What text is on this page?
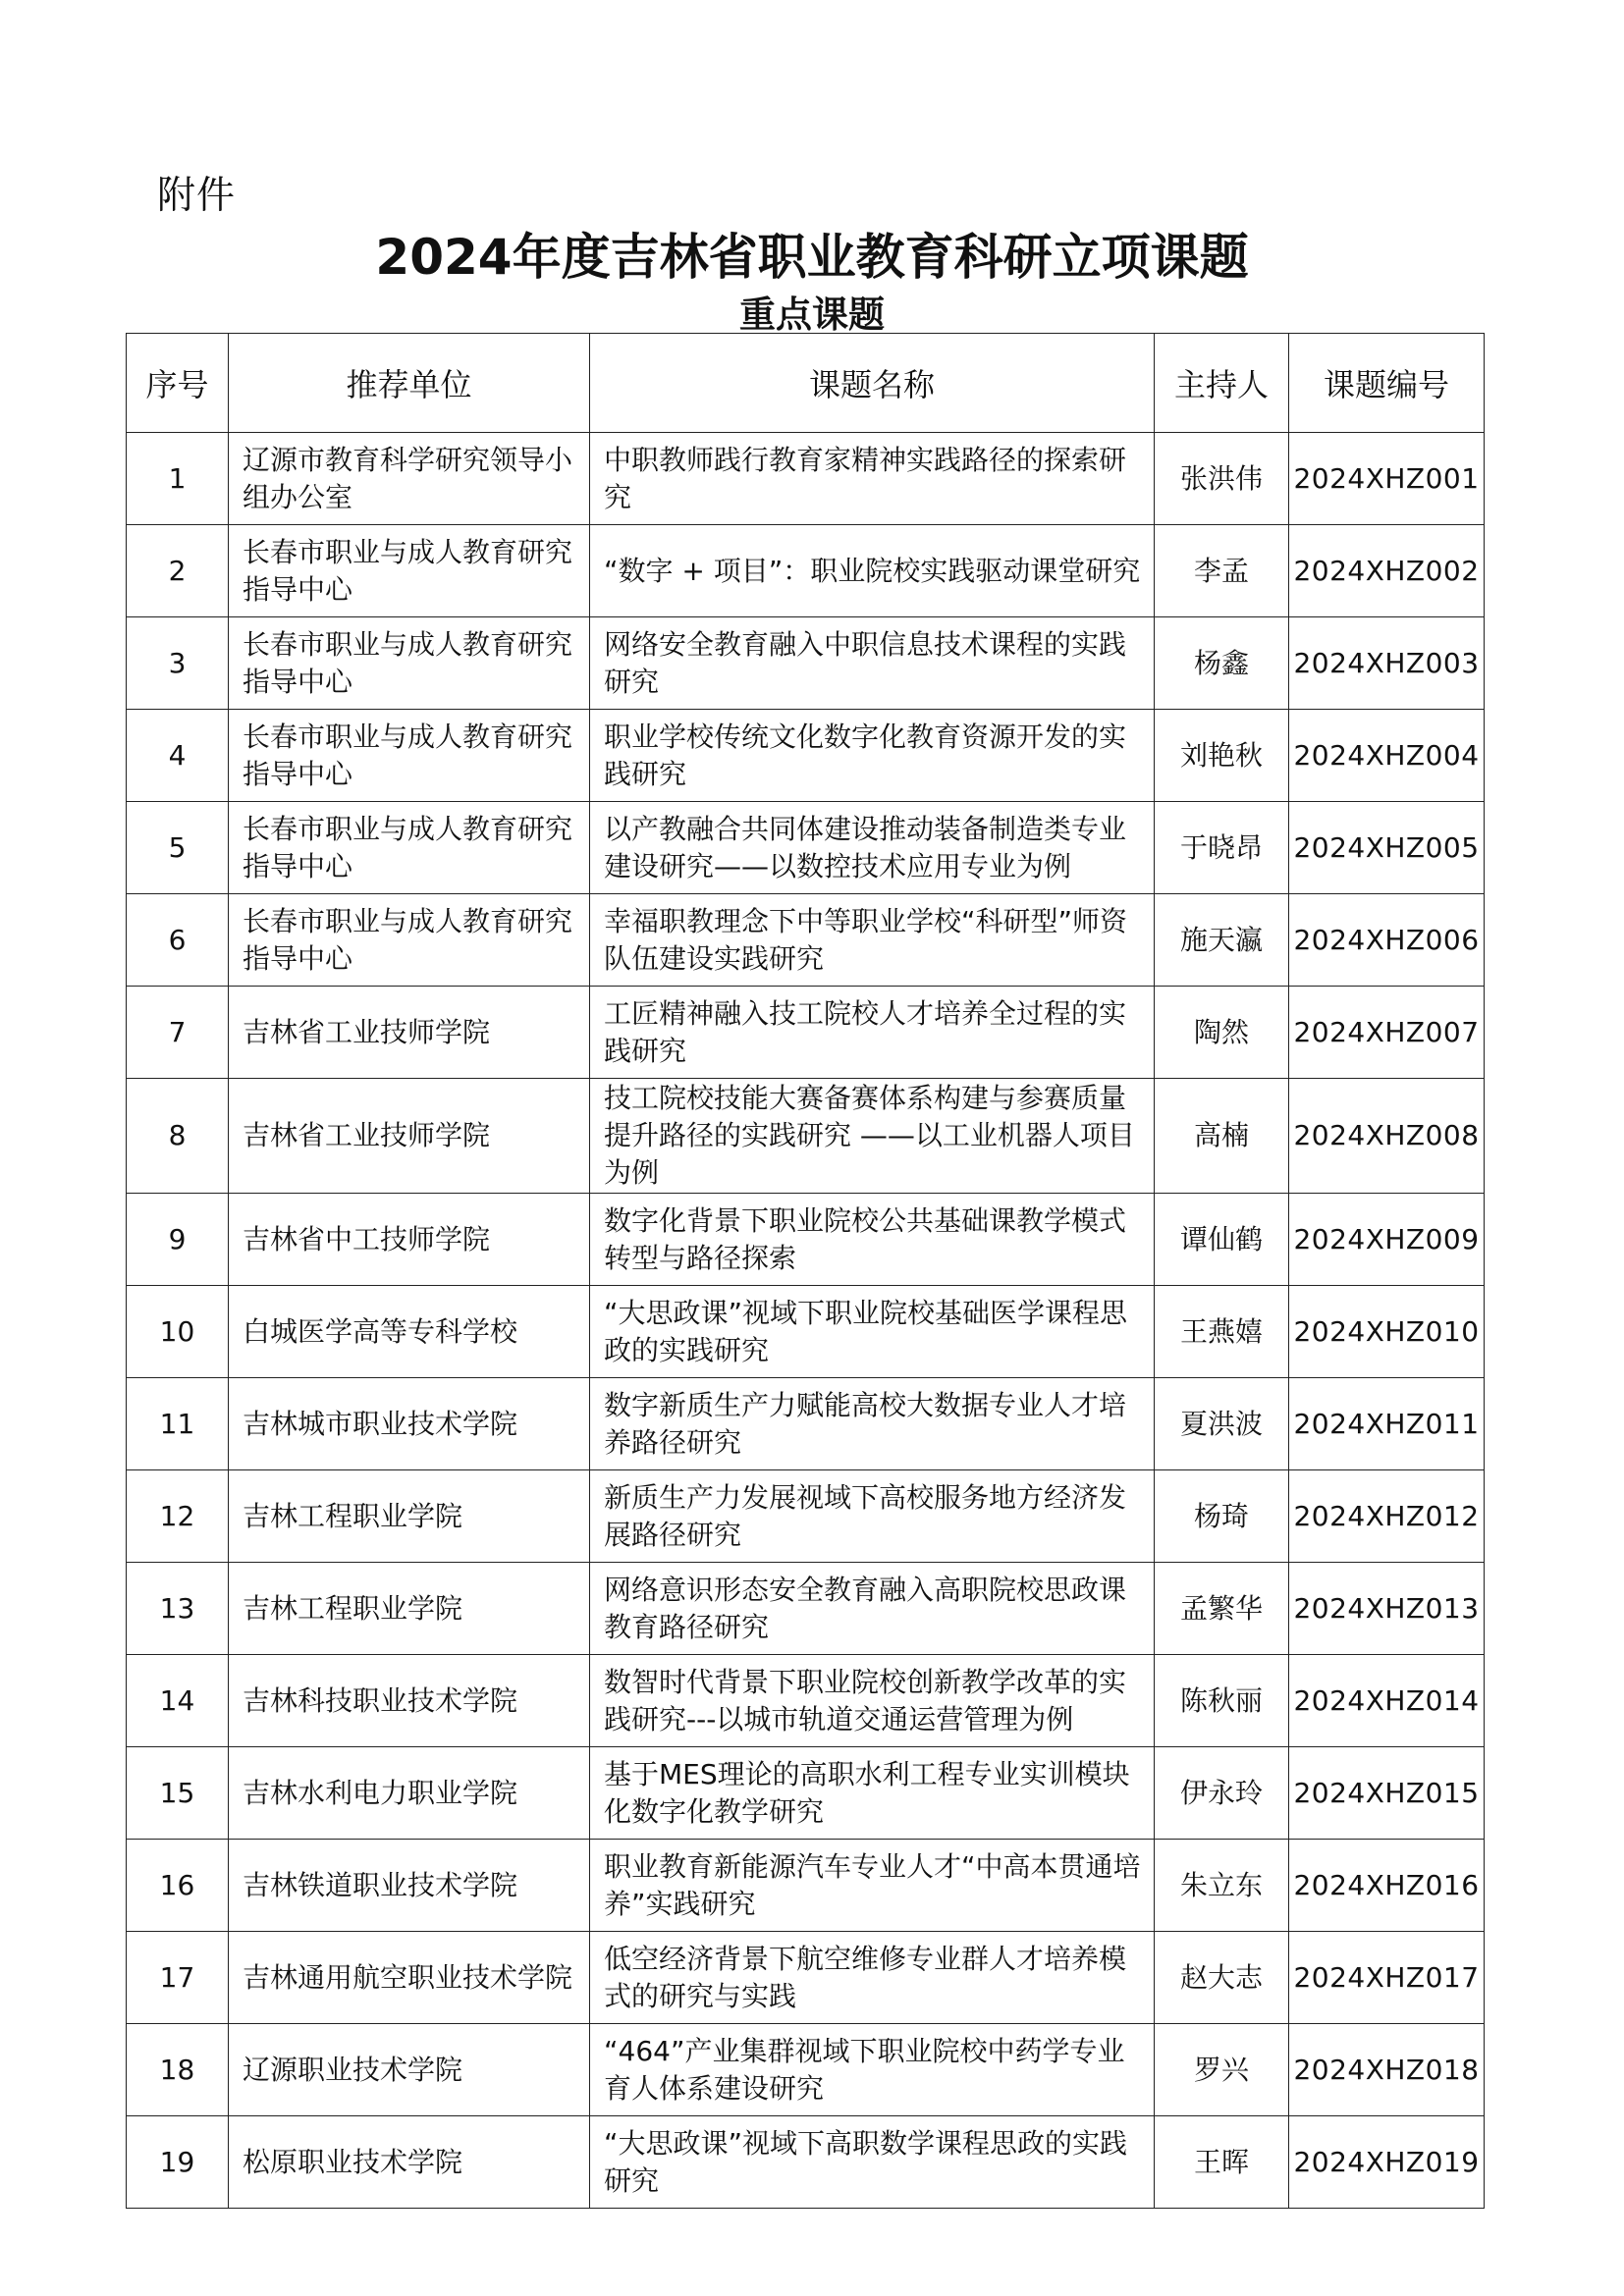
附件
2024年度吉林省职业教育科研立项课题
重点课题
序号	推荐单位	课题名称	主持人	课题编号
1	辽源市教育科学研究领导小组办公室	中职教师践行教育家精神实践路径的探索研究	张洪伟	2024XHZ001
2	长春市职业与成人教育研究指导中心	“数字 + 项目”：职业院校实践驱动课堂研究	李孟	2024XHZ002
3	长春市职业与成人教育研究指导中心	网络安全教育融入中职信息技术课程的实践研究	杨鑫	2024XHZ003
4	长春市职业与成人教育研究指导中心	职业学校传统文化数字化教育资源开发的实践研究	刘艳秋	2024XHZ004
5	长春市职业与成人教育研究指导中心	以产教融合共同体建设推动装备制造类专业建设研究——以数控技术应用专业为例	于晓昂	2024XHZ005
6	长春市职业与成人教育研究指导中心	幸福职教理念下中等职业学校“科研型”师资队伍建设实践研究	施天瀛	2024XHZ006
7	吉林省工业技师学院	工匠精神融入技工院校人才培养全过程的实践研究	陶然	2024XHZ007
8	吉林省工业技师学院	技工院校技能大赛备赛体系构建与参赛质量提升路径的实践研究 ——以工业机器人项目为例	高楠	2024XHZ008
9	吉林省中工技师学院	数字化背景下职业院校公共基础课教学模式转型与路径探索	谭仙鹤	2024XHZ009
10	白城医学高等专科学校	“大思政课”视域下职业院校基础医学课程思政的实践研究	王燕嬉	2024XHZ010
11	吉林城市职业技术学院	数字新质生产力赋能高校大数据专业人才培养路径研究	夏洪波	2024XHZ011
12	吉林工程职业学院	新质生产力发展视域下高校服务地方经济发展路径研究	杨琦	2024XHZ012
13	吉林工程职业学院	网络意识形态安全教育融入高职院校思政课教育路径研究	孟繁华	2024XHZ013
14	吉林科技职业技术学院	数智时代背景下职业院校创新教学改革的实践研究---以城市轨道交通运营管理为例	陈秋丽	2024XHZ014
15	吉林水利电力职业学院	基于MES理论的高职水利工程专业实训模块化数字化教学研究	伊永玲	2024XHZ015
16	吉林铁道职业技术学院	职业教育新能源汽车专业人才“中高本贯通培养”实践研究	朱立东	2024XHZ016
17	吉林通用航空职业技术学院	低空经济背景下航空维修专业群人才培养模式的研究与实践	赵大志	2024XHZ017
18	辽源职业技术学院	“464”产业集群视域下职业院校中药学专业育人体系建设研究	罗兴	2024XHZ018
19	松原职业技术学院	“大思政课”视域下高职数学课程思政的实践研究	王晖	2024XHZ019
